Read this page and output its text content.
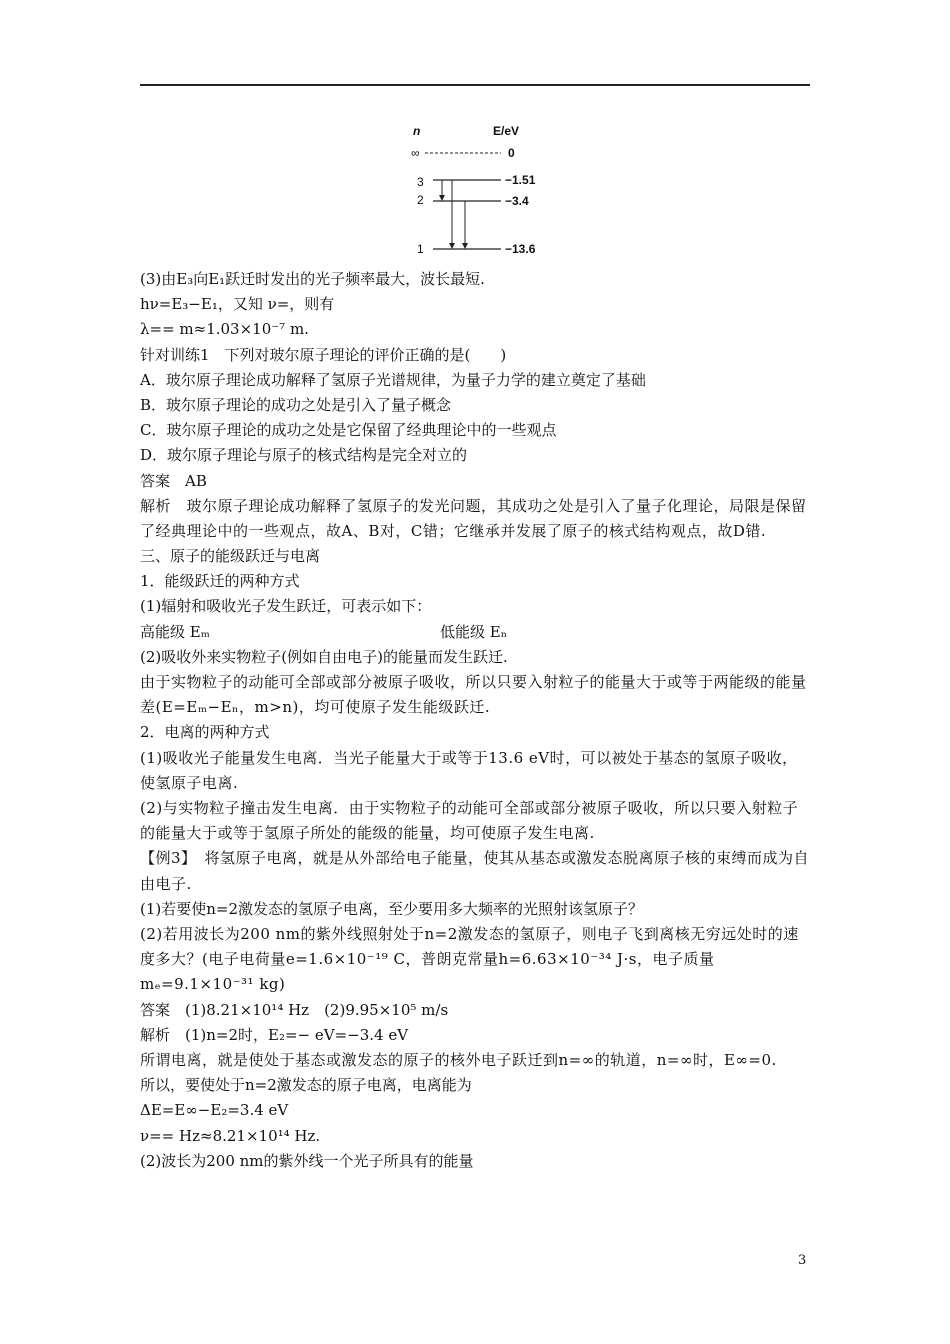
n	E/eV
∞	0
3	−1.51
2	−3.4
1	−13.6
(3)由E₃向E₁跃迁时发出的光子频率最大，波长最短.
hν=E₃−E₁，又知 ν=，则有
λ== m≈1.03×10⁻⁷ m.
针对训练1　下列对玻尔原子理论的评价正确的是(　　)
A．玻尔原子理论成功解释了氢原子光谱规律，为量子力学的建立奠定了基础
B．玻尔原子理论的成功之处是引入了量子概念
C．玻尔原子理论的成功之处是它保留了经典理论中的一些观点
D．玻尔原子理论与原子的核式结构是完全对立的
答案　AB
解析　玻尔原子理论成功解释了氢原子的发光问题，其成功之处是引入了量子化理论，局限是保留了经典理论中的一些观点，故A、B对，C错；它继承并发展了原子的核式结构观点，故D错.
三、原子的能级跃迁与电离
1．能级跃迁的两种方式
(1)辐射和吸收光子发生跃迁，可表示如下：
高能级 Eₘ	低能级 Eₙ
(2)吸收外来实物粒子(例如自由电子)的能量而发生跃迁.
由于实物粒子的动能可全部或部分被原子吸收，所以只要入射粒子的能量大于或等于两能级的能量差(E=Eₘ−Eₙ，m>n)，均可使原子发生能级跃迁.
2．电离的两种方式
(1)吸收光子能量发生电离．当光子能量大于或等于13.6 eV时，可以被处于基态的氢原子吸收，使氢原子电离.
(2)与实物粒子撞击发生电离．由于实物粒子的动能可全部或部分被原子吸收，所以只要入射粒子的能量大于或等于氢原子所处的能级的能量，均可使原子发生电离.
【例3】　将氢原子电离，就是从外部给电子能量，使其从基态或激发态脱离原子核的束缚而成为自由电子.
(1)若要使n=2激发态的氢原子电离，至少要用多大频率的光照射该氢原子？
(2)若用波长为200 nm的紫外线照射处于n=2激发态的氢原子，则电子飞到离核无穷远处时的速度多大？(电子电荷量e=1.6×10⁻¹⁹ C，普朗克常量h=6.63×10⁻³⁴ J·s，电子质量mₑ=9.1×10⁻³¹ kg)
答案　(1)8.21×10¹⁴ Hz　(2)9.95×10⁵ m/s
解析　(1)n=2时，E₂=− eV=−3.4 eV
所谓电离，就是使处于基态或激发态的原子的核外电子跃迁到n=∞的轨道，n=∞时，E∞=0.
所以，要使处于n=2激发态的原子电离，电离能为
ΔE=E∞−E₂=3.4 eV
ν== Hz≈8.21×10¹⁴ Hz.
(2)波长为200 nm的紫外线一个光子所具有的能量
3
